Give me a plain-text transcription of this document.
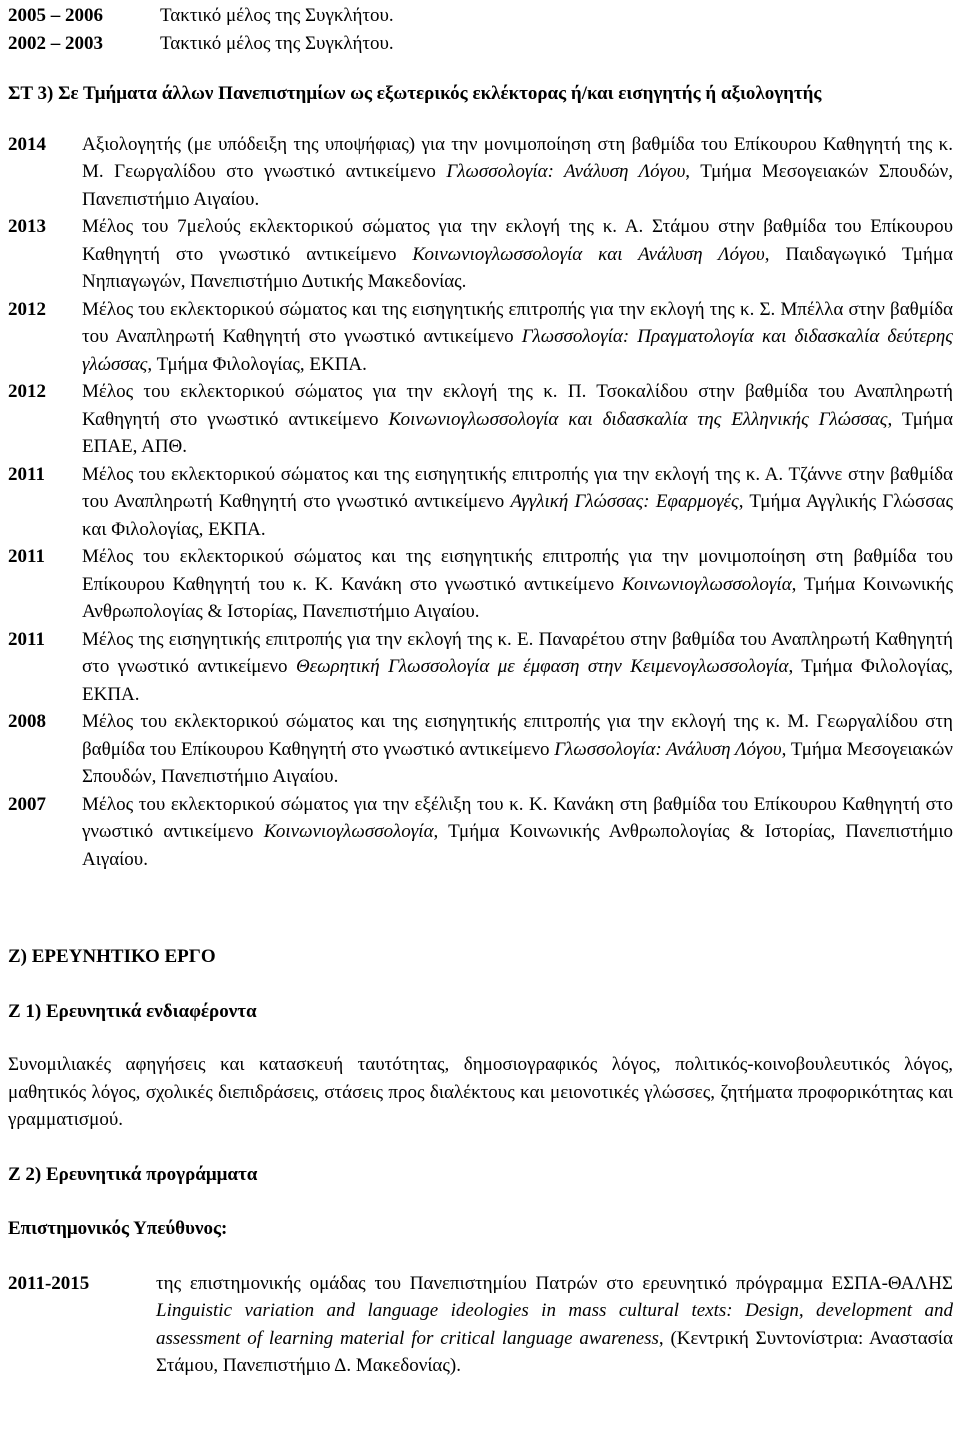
2005 – 2006	Τακτικό μέλος της Συγκλήτου.
2002 – 2003	Τακτικό μέλος της Συγκλήτου.
ΣΤ 3) Σε Τμήματα άλλων Πανεπιστημίων ως εξωτερικός εκλέκτορας ή/και εισηγητής ή αξιολογητής
2014	Αξιολογητής (με υπόδειξη της υποψήφιας) για την μονιμοποίηση στη βαθμίδα του Επίκουρου Καθηγητή της κ. Μ. Γεωργαλίδου στο γνωστικό αντικείμενο Γλωσσολογία: Ανάλυση Λόγου, Τμήμα Μεσογειακών Σπουδών, Πανεπιστήμιο Αιγαίου.
2013	Μέλος του 7μελούς εκλεκτορικού σώματος για την εκλογή της κ. Α. Στάμου στην βαθμίδα του Επίκουρου Καθηγητή στο γνωστικό αντικείμενο Κοινωνιογλωσσολογία και Ανάλυση Λόγου, Παιδαγωγικό Τμήμα Νηπιαγωγών, Πανεπιστήμιο Δυτικής Μακεδονίας.
2012	Μέλος του εκλεκτορικού σώματος και της εισηγητικής επιτροπής για την εκλογή της κ. Σ. Μπέλλα στην βαθμίδα του Αναπληρωτή Καθηγητή στο γνωστικό αντικείμενο Γλωσσολογία: Πραγματολογία και διδασκαλία δεύτερης γλώσσας, Τμήμα Φιλολογίας, ΕΚΠΑ.
2012	Μέλος του εκλεκτορικού σώματος για την εκλογή της κ. Π. Τσοκαλίδου στην βαθμίδα του Αναπληρωτή Καθηγητή στο γνωστικό αντικείμενο Κοινωνιογλωσσολογία και διδασκαλία της Ελληνικής Γλώσσας, Τμήμα ΕΠΑΕ, ΑΠΘ.
2011	Μέλος του εκλεκτορικού σώματος και της εισηγητικής επιτροπής για την εκλογή της κ. Α. Τζάννε στην βαθμίδα του Αναπληρωτή Καθηγητή στο γνωστικό αντικείμενο Αγγλική Γλώσσας: Εφαρμογές, Τμήμα Αγγλικής Γλώσσας και Φιλολογίας, ΕΚΠΑ.
2011	Μέλος του εκλεκτορικού σώματος και της εισηγητικής επιτροπής για την μονιμοποίηση στη βαθμίδα του Επίκουρου Καθηγητή του κ. Κ. Κανάκη στο γνωστικό αντικείμενο Κοινωνιογλωσσολογία, Τμήμα Κοινωνικής Ανθρωπολογίας & Ιστορίας, Πανεπιστήμιο Αιγαίου.
2011	Μέλος της εισηγητικής επιτροπής για την εκλογή της κ. Ε. Παναρέτου στην βαθμίδα του Αναπληρωτή Καθηγητή στο γνωστικό αντικείμενο Θεωρητική Γλωσσολογία με έμφαση στην Κειμενογλωσσολογία, Τμήμα Φιλολογίας, ΕΚΠΑ.
2008	Μέλος του εκλεκτορικού σώματος και της εισηγητικής επιτροπής για την εκλογή της κ. Μ. Γεωργαλίδου στη βαθμίδα του Επίκουρου Καθηγητή στο γνωστικό αντικείμενο Γλωσσολογία: Ανάλυση Λόγου, Τμήμα Μεσογειακών Σπουδών, Πανεπιστήμιο Αιγαίου.
2007	Μέλος του εκλεκτορικού σώματος για την εξέλιξη του κ. Κ. Κανάκη στη βαθμίδα του Επίκουρου Καθηγητή στο γνωστικό αντικείμενο Κοινωνιογλωσσολογία, Τμήμα Κοινωνικής Ανθρωπολογίας & Ιστορίας, Πανεπιστήμιο Αιγαίου.
Ζ) ΕΡΕΥΝΗΤΙΚΟ ΕΡΓΟ
Ζ 1) Ερευνητικά ενδιαφέροντα
Συνομιλιακές αφηγήσεις και κατασκευή ταυτότητας, δημοσιογραφικός λόγος, πολιτικός-κοινοβουλευτικός λόγος, μαθητικός λόγος, σχολικές διεπιδράσεις, στάσεις προς διαλέκτους και μειονοτικές γλώσσες, ζητήματα προφορικότητας και γραμματισμού.
Ζ 2) Ερευνητικά προγράμματα
Επιστημονικός Υπεύθυνος:
2011-2015	της επιστημονικής ομάδας του Πανεπιστημίου Πατρών στο ερευνητικό πρόγραμμα ΕΣΠΑ-ΘΑΛΗΣ Linguistic variation and language ideologies in mass cultural texts: Design, development and assessment of learning material for critical language awareness, (Κεντρική Συντονίστρια: Αναστασία Στάμου, Πανεπιστήμιο Δ. Μακεδονίας).
